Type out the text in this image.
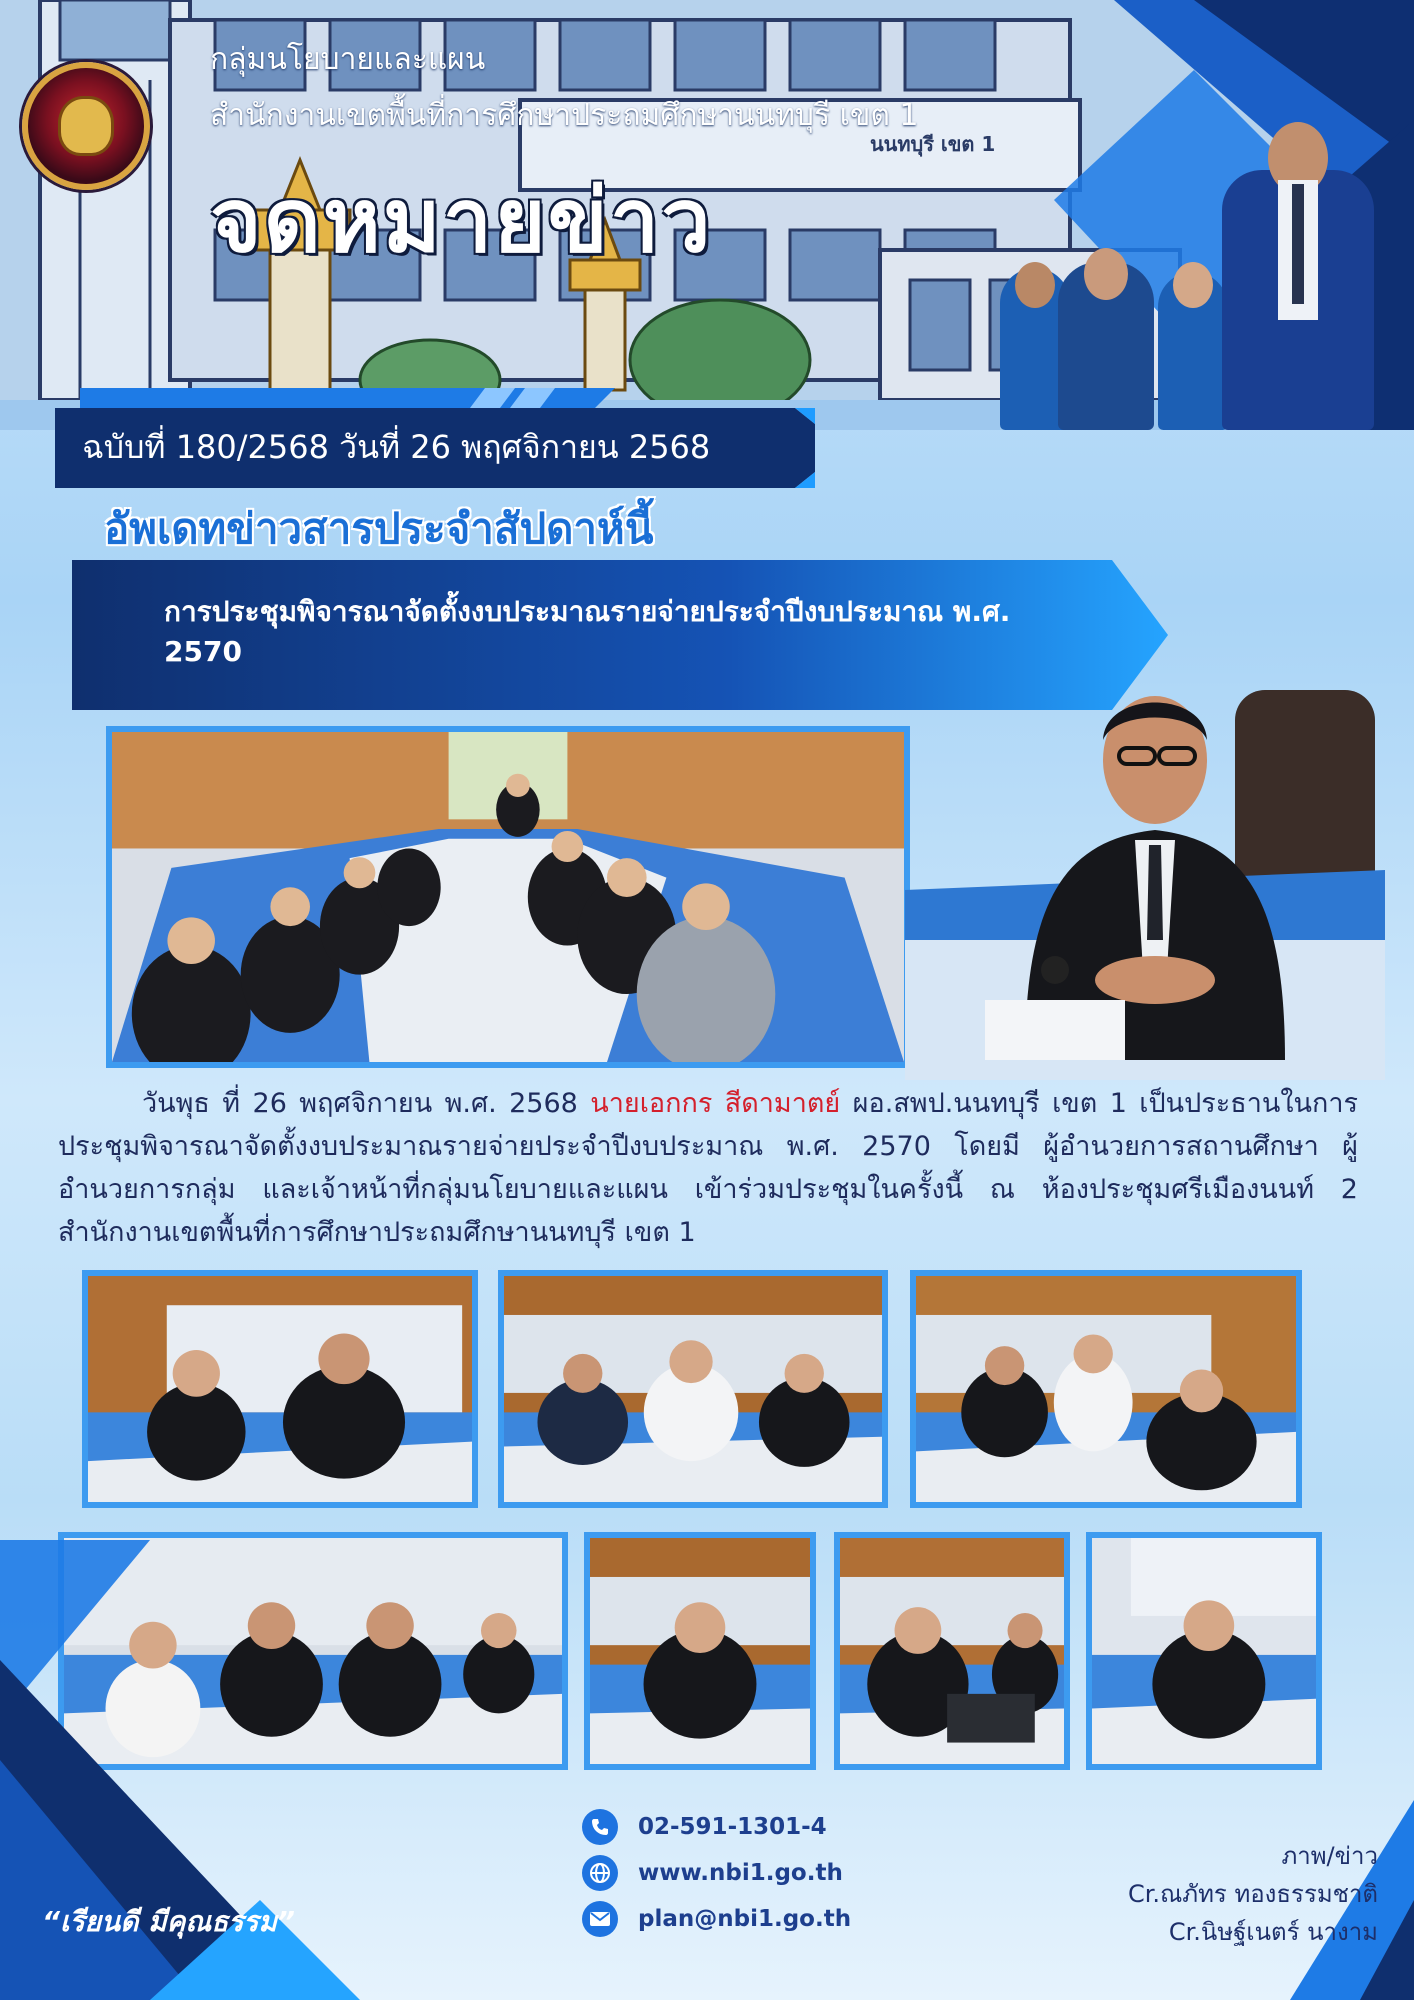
นนทบุรี เขต 1
กลุ่มนโยบายและแผน
สำนักงานเขตพื้นที่การศึกษาประถมศึกษานนทบุรี เขต 1
จดหมายข่าว
ฉบับที่ 180/2568 วันที่ 26 พฤศจิกายน 2568
อัพเดทข่าวสารประจำสัปดาห์นี้
การประชุมพิจารณาจัดตั้งงบประมาณรายจ่ายประจำปีงบประมาณ พ.ศ. 2570
วันพุธ ที่ 26 พฤศจิกายน พ.ศ. 2568 นายเอกกร สีดามาตย์ ผอ.สพป.นนทบุรี เขต 1 เป็นประธานในการประชุมพิจารณาจัดตั้งงบประมาณรายจ่ายประจำปีงบประมาณ พ.ศ. 2570 โดยมี ผู้อำนวยการสถานศึกษา ผู้อำนวยการกลุ่ม และเจ้าหน้าที่กลุ่มนโยบายและแผน เข้าร่วมประชุมในครั้งนี้ ณ ห้องประชุมศรีเมืองนนท์ 2 สำนักงานเขตพื้นที่การศึกษาประถมศึกษานนทบุรี เขต 1
“เรียนดี มีคุณธรรม”
02-591-1301-4
www.nbi1.go.th
plan@nbi1.go.th
ภาพ/ข่าว
Cr.ณภัทร ทองธรรมชาติ
Cr.นิษฐ์เนตร์ นางาม
